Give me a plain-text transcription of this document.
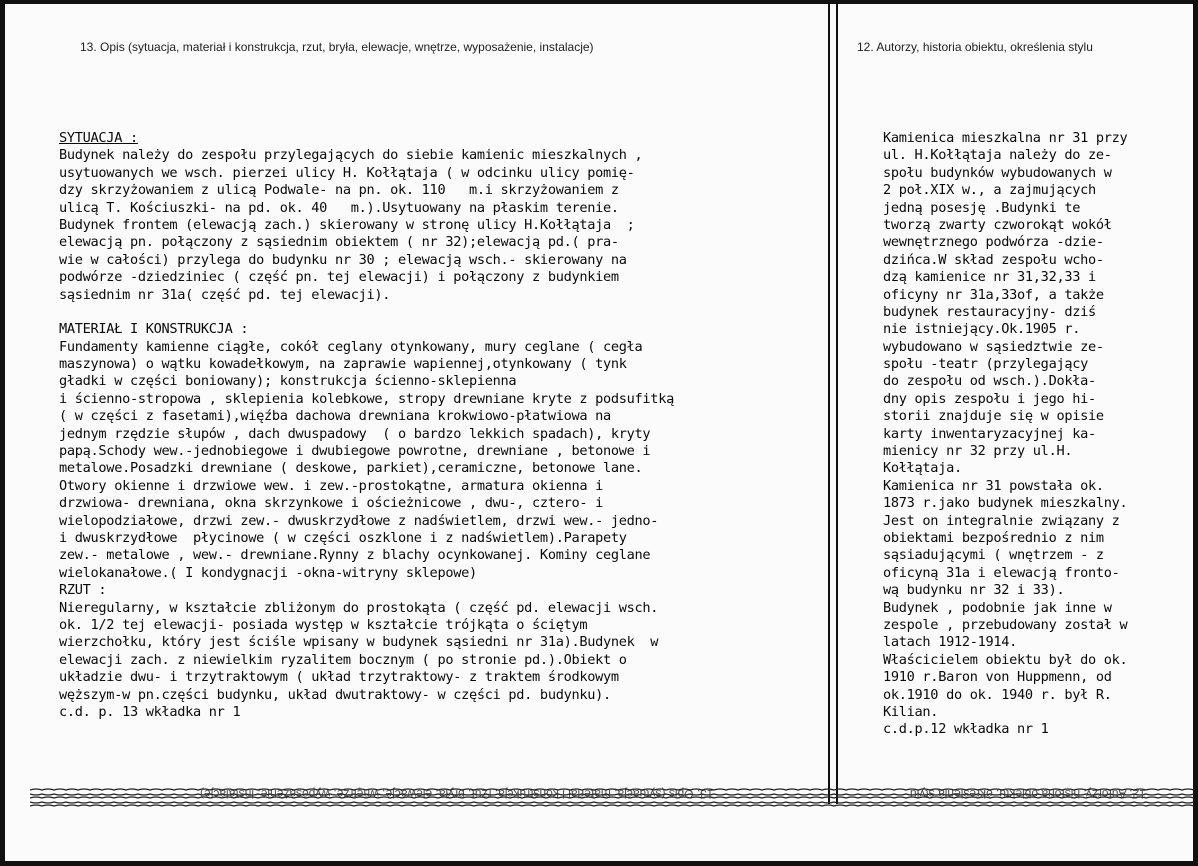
13. Opis (sytuacja, materiał i konstrukcja, rzut, bryła, elewacje, wnętrze, wyposażenie, instalacje)	12. Autorzy, historia obiektu, określenia stylu
SYTUACJA :
Budynek należy do zespołu przylegających do siebie kamienic mieszkalnych ,
usytuowanych we wsch. pierzei ulicy H. Kołłątaja ( w odcinku ulicy pomię-
dzy skrzyżowaniem z ulicą Podwale- na pn. ok. 110   m.i skrzyżowaniem z
ulicą T. Kościuszki- na pd. ok. 40   m.).Usytuowany na płaskim terenie.
Budynek frontem (elewacją zach.) skierowany w stronę ulicy H.Kołłątaja  ;
elewacją pn. połączony z sąsiednim obiektem ( nr 32);elewacją pd.( pra-
wie w całości) przylega do budynku nr 30 ; elewacją wsch.- skierowany na
podwórze -dziedziniec ( część pn. tej elewacji) i połączony z budynkiem
sąsiednim nr 31a( część pd. tej elewacji).

MATERIAŁ I KONSTRUKCJA :
Fundamenty kamienne ciągłe, cokół ceglany otynkowany, mury ceglane ( cegła
maszynowa) o wątku kowadełkowym, na zaprawie wapiennej,otynkowany ( tynk
gładki w części boniowany); konstrukcja ścienno-sklepienna
i ścienno-stropowa , sklepienia kolebkowe, stropy drewniane kryte z podsufitką
( w części z fasetami),więźba dachowa drewniana krokwiowo-płatwiowa na
jednym rzędzie słupów , dach dwuspadowy  ( o bardzo lekkich spadach), kryty
papą.Schody wew.-jednobiegowe i dwubiegowe powrotne, drewniane , betonowe i
metalowe.Posadzki drewniane ( deskowe, parkiet),ceramiczne, betonowe lane.
Otwory okienne i drzwiowe wew. i zew.-prostokątne, armatura okienna i
drzwiowa- drewniana, okna skrzynkowe i ościeżnicowe , dwu-, cztero- i
wielopodziałowe, drzwi zew.- dwuskrzydłowe z nadświetlem, drzwi wew.- jedno-
i dwuskrzydłowe  płycinowe ( w części oszklone i z nadświetlem).Parapety
zew.- metalowe , wew.- drewniane.Rynny z blachy ocynkowanej. Kominy ceglane
wielokanałowe.( I kondygnacji -okna-witryny sklepowe)
RZUT :
Nieregularny, w kształcie zbliżonym do prostokąta ( część pd. elewacji wsch.
ok. 1/2 tej elewacji- posiada występ w kształcie trójkąta o ściętym
wierzchołku, który jest ściśle wpisany w budynek sąsiedni nr 31a).Budynek  w
elewacji zach. z niewielkim ryzalitem bocznym ( po stronie pd.).Obiekt o
układzie dwu- i trzytraktowym ( układ trzytraktowy- z traktem środkowym
węższym-w pn.części budynku, układ dwutraktowy- w części pd. budynku).
c.d. p. 13 wkładka nr 1
Kamienica mieszkalna nr 31 przy
ul. H.Kołłątaja należy do ze-
społu budynków wybudowanych w
2 poł.XIX w., a zajmujących
jedną posesję .Budynki te
tworzą zwarty czworokąt wokół
wewnętrznego podwórza -dzie-
dzińca.W skład zespołu wcho-
dzą kamienice nr 31,32,33 i
oficyny nr 31a,33of, a także
budynek restauracyjny- dziś
nie istniejący.Ok.1905 r.
wybudowano w sąsiedztwie ze-
społu -teatr (przylegający
do zespołu od wsch.).Dokła-
dny opis zespołu i jego hi-
storii znajduje się w opisie
karty inwentaryzacyjnej ka-
mienicy nr 32 przy ul.H.
Kołłątaja.
Kamienica nr 31 powstała ok.
1873 r.jako budynek mieszkalny.
Jest on integralnie związany z
obiektami bezpośrednio z nim
sąsiadującymi ( wnętrzem - z
oficyną 31a i elewacją fronto-
wą budynku nr 32 i 33).
Budynek , podobnie jak inne w
zespole , przebudowany został w
latach 1912-1914.
Właścicielem obiektu był do ok.
1910 r.Baron von Huppmenn, od
ok.1910 do ok. 1940 r. był R.
Kilian.
c.d.p.12 wkładka nr 1
13. Opis (sytuacja, materiał i konstrukcja, rzut, bryła, elewacje, wnętrze, wyposażenie, instalacje)	12. Autorzy, historia obiektu, określenia stylu
